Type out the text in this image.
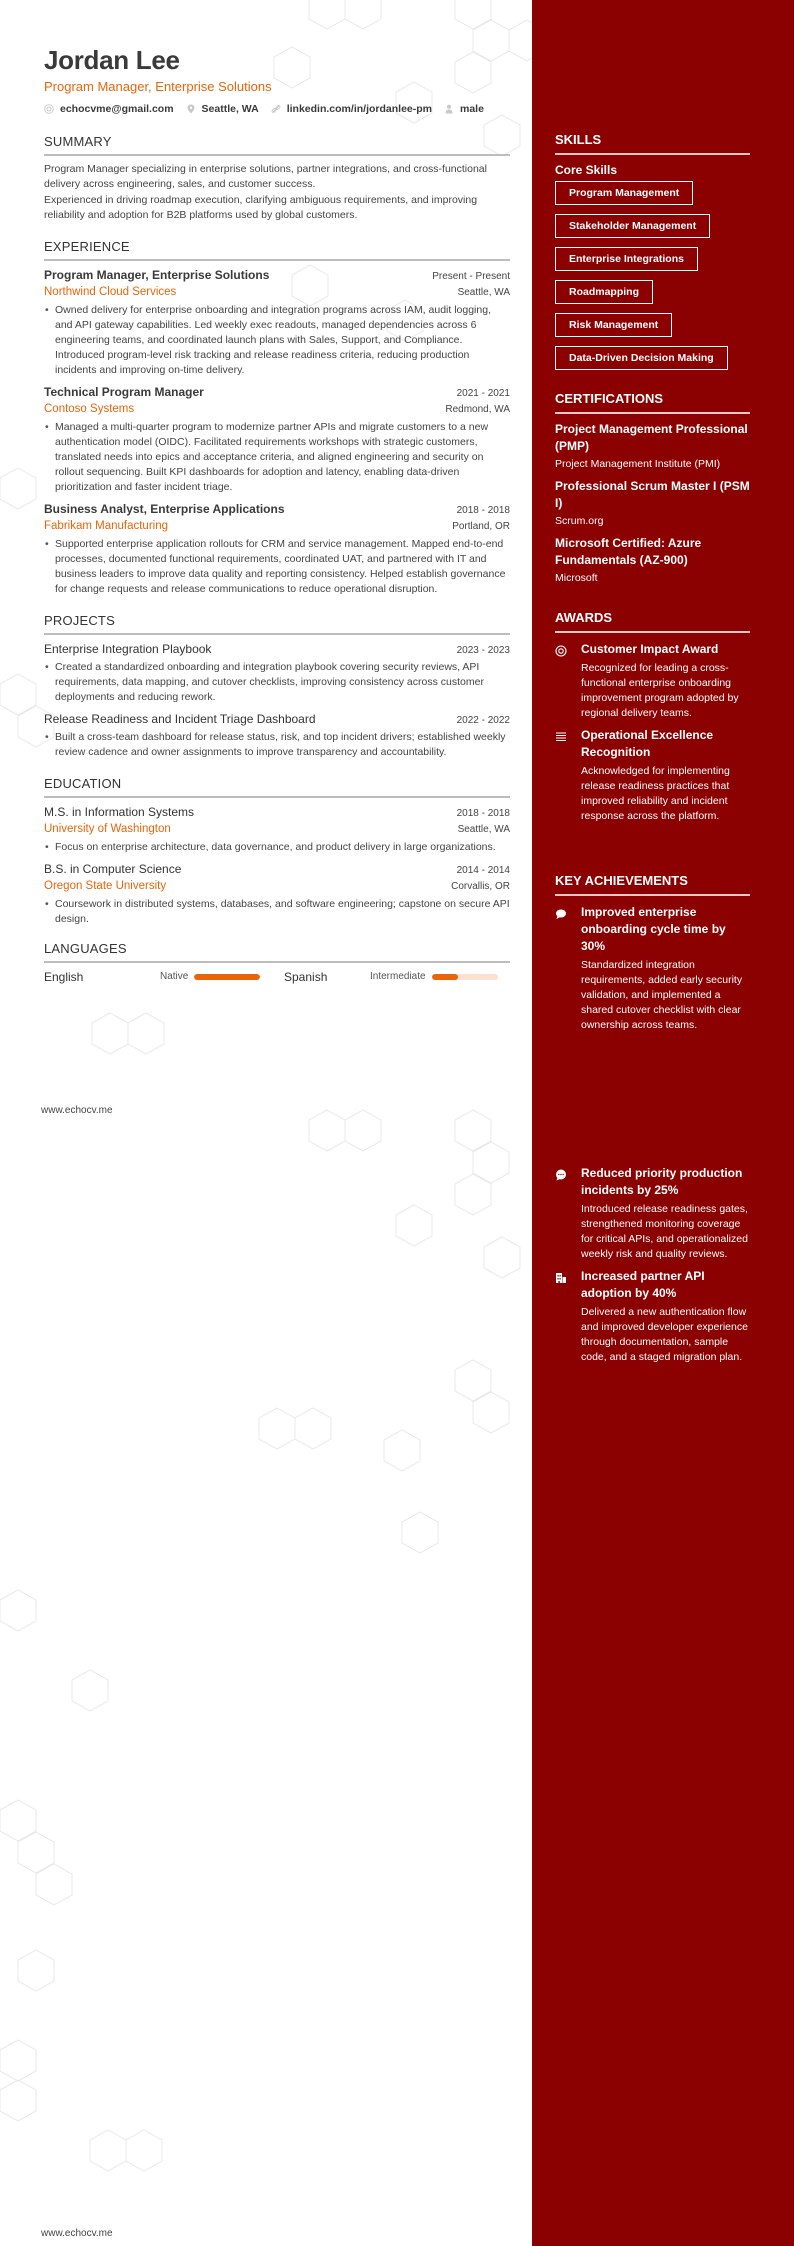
Jordan Lee
Program Manager, Enterprise Solutions
echocvme@gmail.com	Seattle, WA	linkedin.com/in/jordanlee-pm	male
SUMMARY

Program Manager specializing in enterprise solutions, partner integrations, and cross-functional delivery across engineering, sales, and customer success.

Experienced in driving roadmap execution, clarifying ambiguous requirements, and improving reliability and adoption for B2B platforms used by global customers.

EXPERIENCE
Program Manager, Enterprise Solutions	Present - Present
Northwind Cloud Services	Seattle, WA
• Owned delivery for enterprise onboarding and integration programs across IAM, audit logging, and API gateway capabilities. Led weekly exec readouts, managed dependencies across 6 engineering teams, and coordinated launch plans with Sales, Support, and Compliance. Introduced program-level risk tracking and release readiness criteria, reducing production incidents and improving on-time delivery.
Technical Program Manager	2021 - 2021
Contoso Systems	Redmond, WA
• Managed a multi-quarter program to modernize partner APIs and migrate customers to a new authentication model (OIDC). Facilitated requirements workshops with strategic customers, translated needs into epics and acceptance criteria, and aligned engineering and security on rollout sequencing. Built KPI dashboards for adoption and latency, enabling data-driven prioritization and faster incident triage.
Business Analyst, Enterprise Applications	2018 - 2018
Fabrikam Manufacturing	Portland, OR
• Supported enterprise application rollouts for CRM and service management. Mapped end-to-end processes, documented functional requirements, coordinated UAT, and partnered with IT and business leaders to improve data quality and reporting consistency. Helped establish governance for change requests and release communications to reduce operational disruption.
PROJECTS
Enterprise Integration Playbook	2023 - 2023
• Created a standardized onboarding and integration playbook covering security reviews, API requirements, data mapping, and cutover checklists, improving consistency across customer deployments and reducing rework.
Release Readiness and Incident Triage Dashboard	2022 - 2022
• Built a cross-team dashboard for release status, risk, and top incident drivers; established weekly review cadence and owner assignments to improve transparency and accountability.
EDUCATION
M.S. in Information Systems	2018 - 2018
University of Washington	Seattle, WA
• Focus on enterprise architecture, data governance, and product delivery in large organizations.
B.S. in Computer Science	2014 - 2014
Oregon State University	Corvallis, OR
• Coursework in distributed systems, databases, and software engineering; capstone on secure API design.
LANGUAGES
English	Native	Spanish	Intermediate
www.echocv.me
www.echocv.me
SKILLS
Core Skills
Program Management
Stakeholder Management
Enterprise Integrations
Roadmapping
Risk Management
Data-Driven Decision Making
CERTIFICATIONS
Project Management Professional (PMP)
Project Management Institute (PMI)
Professional Scrum Master I (PSM I)
Scrum.org
Microsoft Certified: Azure Fundamentals (AZ-900)
Microsoft
AWARDS
Customer Impact Award
Recognized for leading a cross-functional enterprise onboarding improvement program adopted by regional delivery teams.
Operational Excellence Recognition
Acknowledged for implementing release readiness practices that improved reliability and incident response across the platform.
KEY ACHIEVEMENTS
Improved enterprise onboarding cycle time by 30%
Standardized integration requirements, added early security validation, and implemented a shared cutover checklist with clear ownership across teams.
Reduced priority production incidents by 25%
Introduced release readiness gates, strengthened monitoring coverage for critical APIs, and operationalized weekly risk and quality reviews.
Increased partner API adoption by 40%
Delivered a new authentication flow and improved developer experience through documentation, sample code, and a staged migration plan.
